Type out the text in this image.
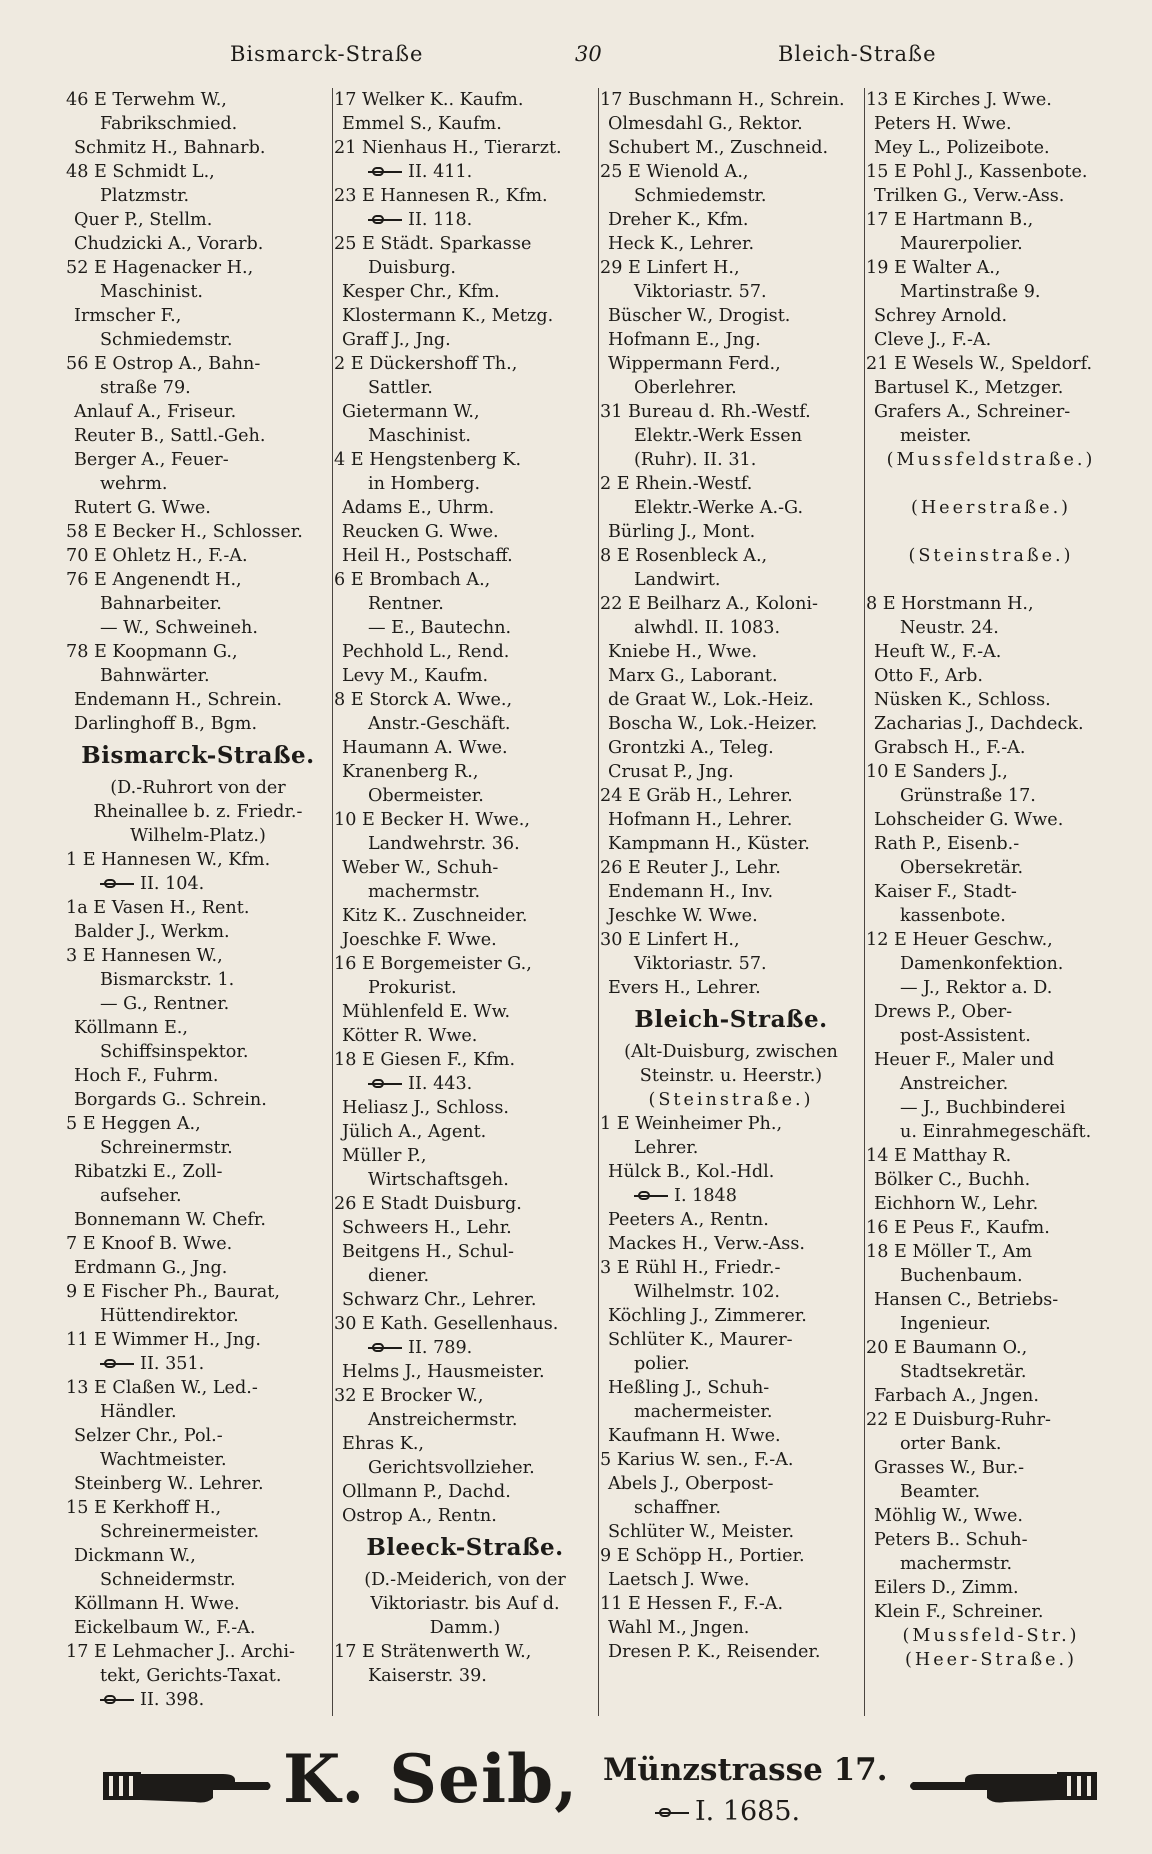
Bismarck-Straße	30	Bleich-Straße
46 E Terwehm W.,
Fabrikschmied.
Schmitz H., Bahnarb.
48 E Schmidt L.,
Platzmstr.
Quer P., Stellm.
Chudzicki A., Vorarb.
52 E Hagenacker H.,
Maschinist.
Irmscher F.,
Schmiedemstr.
56 E Ostrop A., Bahn-
straße 79.
Anlauf A., Friseur.
Reuter B., Sattl.-Geh.
Berger A., Feuer-
wehrm.
Rutert G. Wwe.
58 E Becker H., Schlosser.
70 E Ohletz H., F.-A.
76 E Angenendt H.,
Bahnarbeiter.
— W., Schweineh.
78 E Koopmann G.,
Bahnwärter.
Endemann H., Schrein.
Darlinghoff B., Bgm.
Bismarck-Straße.
(D.-Ruhrort von der
Rheinallee b. z. Friedr.-
Wilhelm-Platz.)
1 E Hannesen W., Kfm.
II. 104.
1a E Vasen H., Rent.
Balder J., Werkm.
3 E Hannesen W.,
Bismarckstr. 1.
— G., Rentner.
Köllmann E.,
Schiffsinspektor.
Hoch F., Fuhrm.
Borgards G.. Schrein.
5 E Heggen A.,
Schreinermstr.
Ribatzki E., Zoll-
aufseher.
Bonnemann W. Chefr.
7 E Knoof B. Wwe.
Erdmann G., Jng.
9 E Fischer Ph., Baurat,
Hüttendirektor.
11 E Wimmer H., Jng.
II. 351.
13 E Claßen W., Led.-
Händler.
Selzer Chr., Pol.-
Wachtmeister.
Steinberg W.. Lehrer.
15 E Kerkhoff H.,
Schreinermeister.
Dickmann W.,
Schneidermstr.
Köllmann H. Wwe.
Eickelbaum W., F.-A.
17 E Lehmacher J.. Archi-
tekt, Gerichts-Taxat.
II. 398.
17 Welker K.. Kaufm.
Emmel S., Kaufm.
21 Nienhaus H., Tierarzt.
II. 411.
23 E Hannesen R., Kfm.
II. 118.
25 E Städt. Sparkasse
Duisburg.
Kesper Chr., Kfm.
Klostermann K., Metzg.
Graff J., Jng.
2 E Dückershoff Th.,
Sattler.
Gietermann W.,
Maschinist.
4 E Hengstenberg K.
in Homberg.
Adams E., Uhrm.
Reucken G. Wwe.
Heil H., Postschaff.
6 E Brombach A.,
Rentner.
— E., Bautechn.
Pechhold L., Rend.
Levy M., Kaufm.
8 E Storck A. Wwe.,
Anstr.-Geschäft.
Haumann A. Wwe.
Kranenberg R.,
Obermeister.
10 E Becker H. Wwe.,
Landwehrstr. 36.
Weber W., Schuh-
machermstr.
Kitz K.. Zuschneider.
Joeschke F. Wwe.
16 E Borgemeister G.,
Prokurist.
Mühlenfeld E. Ww.
Kötter R. Wwe.
18 E Giesen F., Kfm.
II. 443.
Heliasz J., Schloss.
Jülich A., Agent.
Müller P.,
Wirtschaftsgeh.
26 E Stadt Duisburg.
Schweers H., Lehr.
Beitgens H., Schul-
diener.
Schwarz Chr., Lehrer.
30 E Kath. Gesellenhaus.
II. 789.
Helms J., Hausmeister.
32 E Brocker W.,
Anstreichermstr.
Ehras K.,
Gerichtsvollzieher.
Ollmann P., Dachd.
Ostrop A., Rentn.
Bleeck-Straße.
(D.-Meiderich, von der
Viktoriastr. bis Auf d.
Damm.)
17 E Strätenwerth W.,
Kaiserstr. 39.
17 Buschmann H., Schrein.
Olmesdahl G., Rektor.
Schubert M., Zuschneid.
25 E Wienold A.,
Schmiedemstr.
Dreher K., Kfm.
Heck K., Lehrer.
29 E Linfert H.,
Viktoriastr. 57.
Büscher W., Drogist.
Hofmann E., Jng.
Wippermann Ferd.,
Oberlehrer.
31 Bureau d. Rh.-Westf.
Elektr.-Werk Essen
(Ruhr). II. 31.
2 E Rhein.-Westf.
Elektr.-Werke A.-G.
Bürling J., Mont.
8 E Rosenbleck A.,
Landwirt.
22 E Beilharz A., Koloni-
alwhdl. II. 1083.
Kniebe H., Wwe.
Marx G., Laborant.
de Graat W., Lok.-Heiz.
Boscha W., Lok.-Heizer.
Grontzki A., Teleg.
Crusat P., Jng.
24 E Gräb H., Lehrer.
Hofmann H., Lehrer.
Kampmann H., Küster.
26 E Reuter J., Lehr.
Endemann H., Inv.
Jeschke W. Wwe.
30 E Linfert H.,
Viktoriastr. 57.
Evers H., Lehrer.
Bleich-Straße.
(Alt-Duisburg, zwischen
Steinstr. u. Heerstr.)
(Steinstraße.)
1 E Weinheimer Ph.,
Lehrer.
Hülck B., Kol.-Hdl.
I. 1848
Peeters A., Rentn.
Mackes H., Verw.-Ass.
3 E Rühl H., Friedr.-
Wilhelmstr. 102.
Köchling J., Zimmerer.
Schlüter K., Maurer-
polier.
Heßling J., Schuh-
machermeister.
Kaufmann H. Wwe.
5 Karius W. sen., F.-A.
Abels J., Oberpost-
schaffner.
Schlüter W., Meister.
9 E Schöpp H., Portier.
Laetsch J. Wwe.
11 E Hessen F., F.-A.
Wahl M., Jngen.
Dresen P. K., Reisender.
13 E Kirches J. Wwe.
Peters H. Wwe.
Mey L., Polizeibote.
15 E Pohl J., Kassenbote.
Trilken G., Verw.-Ass.
17 E Hartmann B.,
Maurerpolier.
19 E Walter A.,
Martinstraße 9.
Schrey Arnold.
Cleve J., F.-A.
21 E Wesels W., Speldorf.
Bartusel K., Metzger.
Grafers A., Schreiner-
meister.
(Mussfeldstraße.)

(Heerstraße.)

(Steinstraße.)

8 E Horstmann H.,
Neustr. 24.
Heuft W., F.-A.
Otto F., Arb.
Nüsken K., Schloss.
Zacharias J., Dachdeck.
Grabsch H., F.-A.
10 E Sanders J.,
Grünstraße 17.
Lohscheider G. Wwe.
Rath P., Eisenb.-
Obersekretär.
Kaiser F., Stadt-
kassenbote.
12 E Heuer Geschw.,
Damenkonfektion.
— J., Rektor a. D.
Drews P., Ober-
post-Assistent.
Heuer F., Maler und
Anstreicher.
— J., Buchbinderei
u. Einrahmegeschäft.
14 E Matthay R.
Bölker C., Buchh.
Eichhorn W., Lehr.
16 E Peus F., Kaufm.
18 E Möller T., Am
Buchenbaum.
Hansen C., Betriebs-
Ingenieur.
20 E Baumann O.,
Stadtsekretär.
Farbach A., Jngen.
22 E Duisburg-Ruhr-
orter Bank.
Grasses W., Bur.-
Beamter.
Möhlig W., Wwe.
Peters B.. Schuh-
machermstr.
Eilers D., Zimm.
Klein F., Schreiner.
(Mussfeld-Str.)
(Heer-Straße.)
K. Seib, Münzstrasse 17.
I. 1685.
